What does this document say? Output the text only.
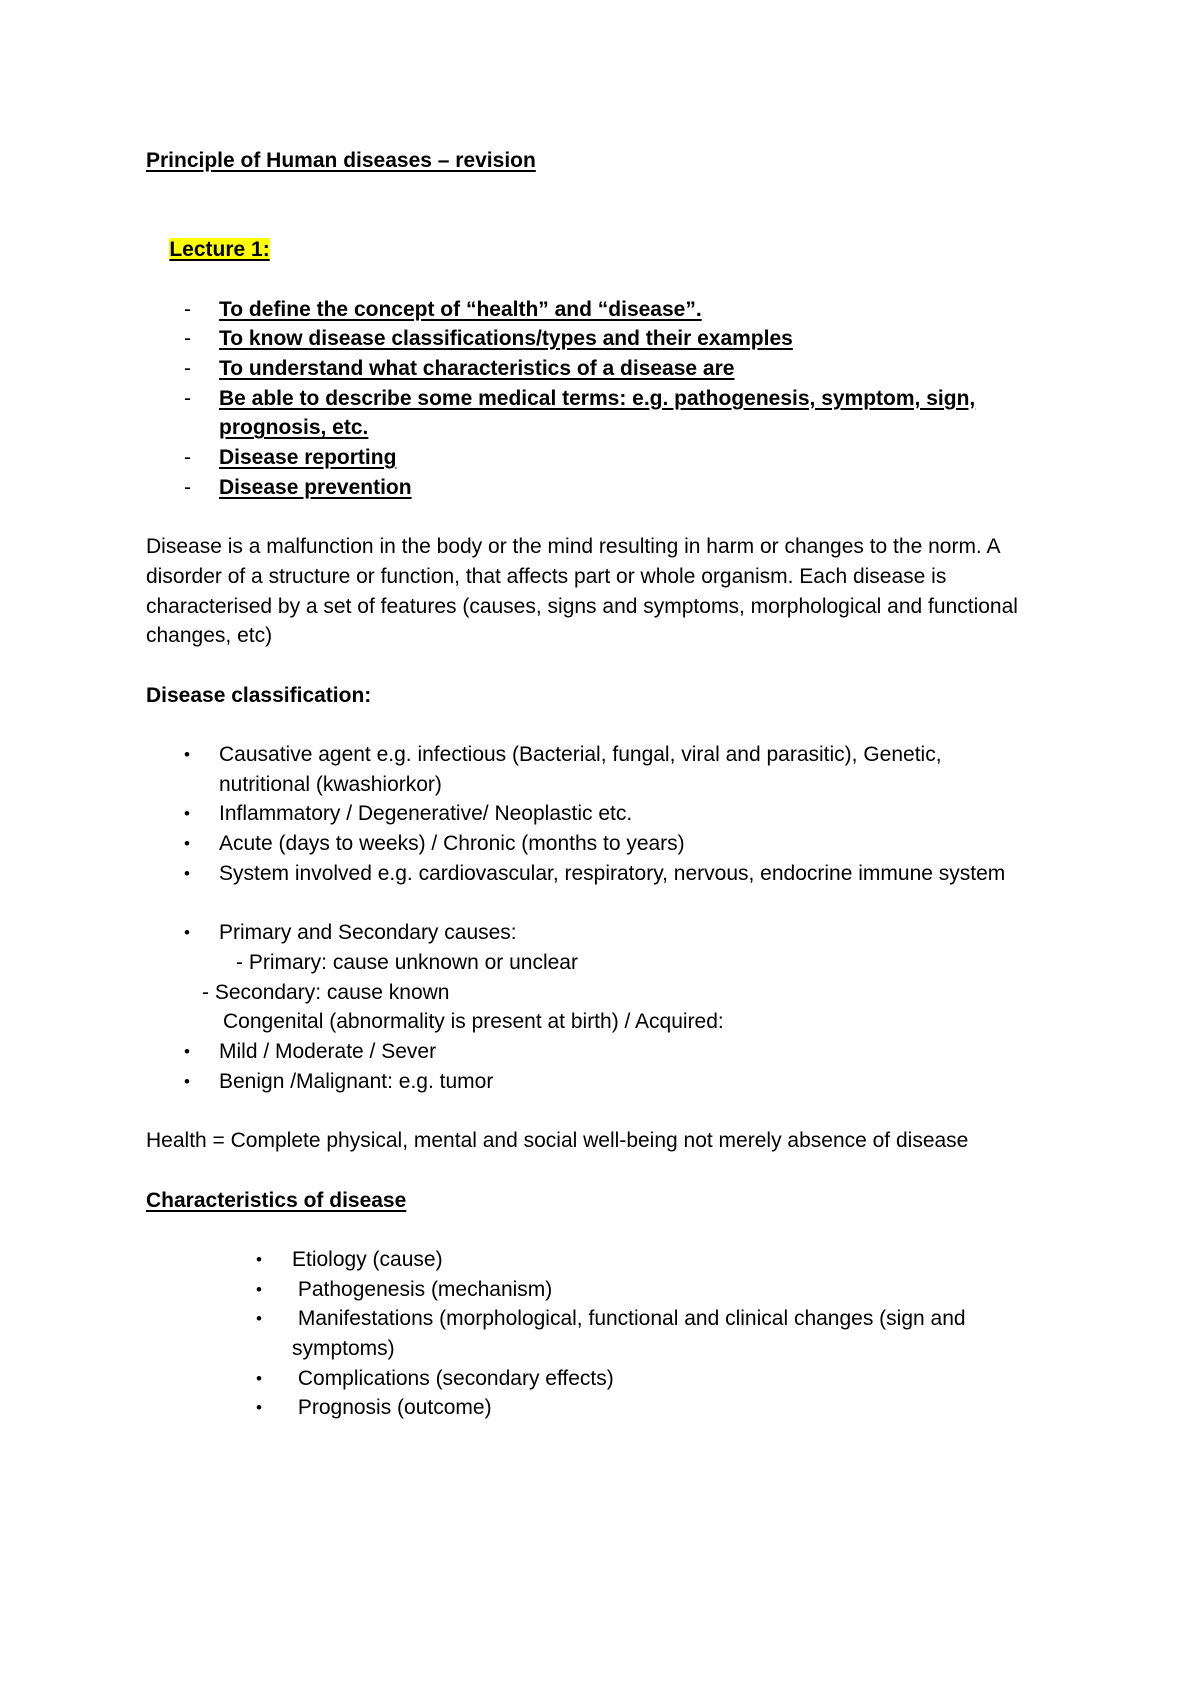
Principle of Human diseases – revision

Lecture 1:

- To define the concept of “health” and “disease”.
- To know disease classifications/types and their examples
- To understand what characteristics of a disease are
- Be able to describe some medical terms: e.g. pathogenesis, symptom, sign, prognosis, etc.
- Disease reporting
- Disease prevention
Disease is a malfunction in the body or the mind resulting in harm or changes to the norm. A disorder of a structure or function, that affects part or whole organism. Each disease is characterised by a set of features (causes, signs and symptoms, morphological and functional changes, etc)
Disease classification:
• Causative agent e.g. infectious (Bacterial, fungal, viral and parasitic), Genetic, nutritional (kwashiorkor)
• Inflammatory / Degenerative/ Neoplastic etc.
• Acute (days to weeks) / Chronic (months to years)
• System involved e.g. cardiovascular, respiratory, nervous, endocrine immune system
• Primary and Secondary causes:
- Primary: cause unknown or unclear
- Secondary: cause known
Congenital (abnormality is present at birth) / Acquired:
• Mild / Moderate / Sever
• Benign /Malignant: e.g. tumor
Health = Complete physical, mental and social well-being not merely absence of disease
Characteristics of disease
• Etiology (cause)
• Pathogenesis (mechanism)
• Manifestations (morphological, functional and clinical changes (sign and symptoms)
• Complications (secondary effects)
• Prognosis (outcome)
